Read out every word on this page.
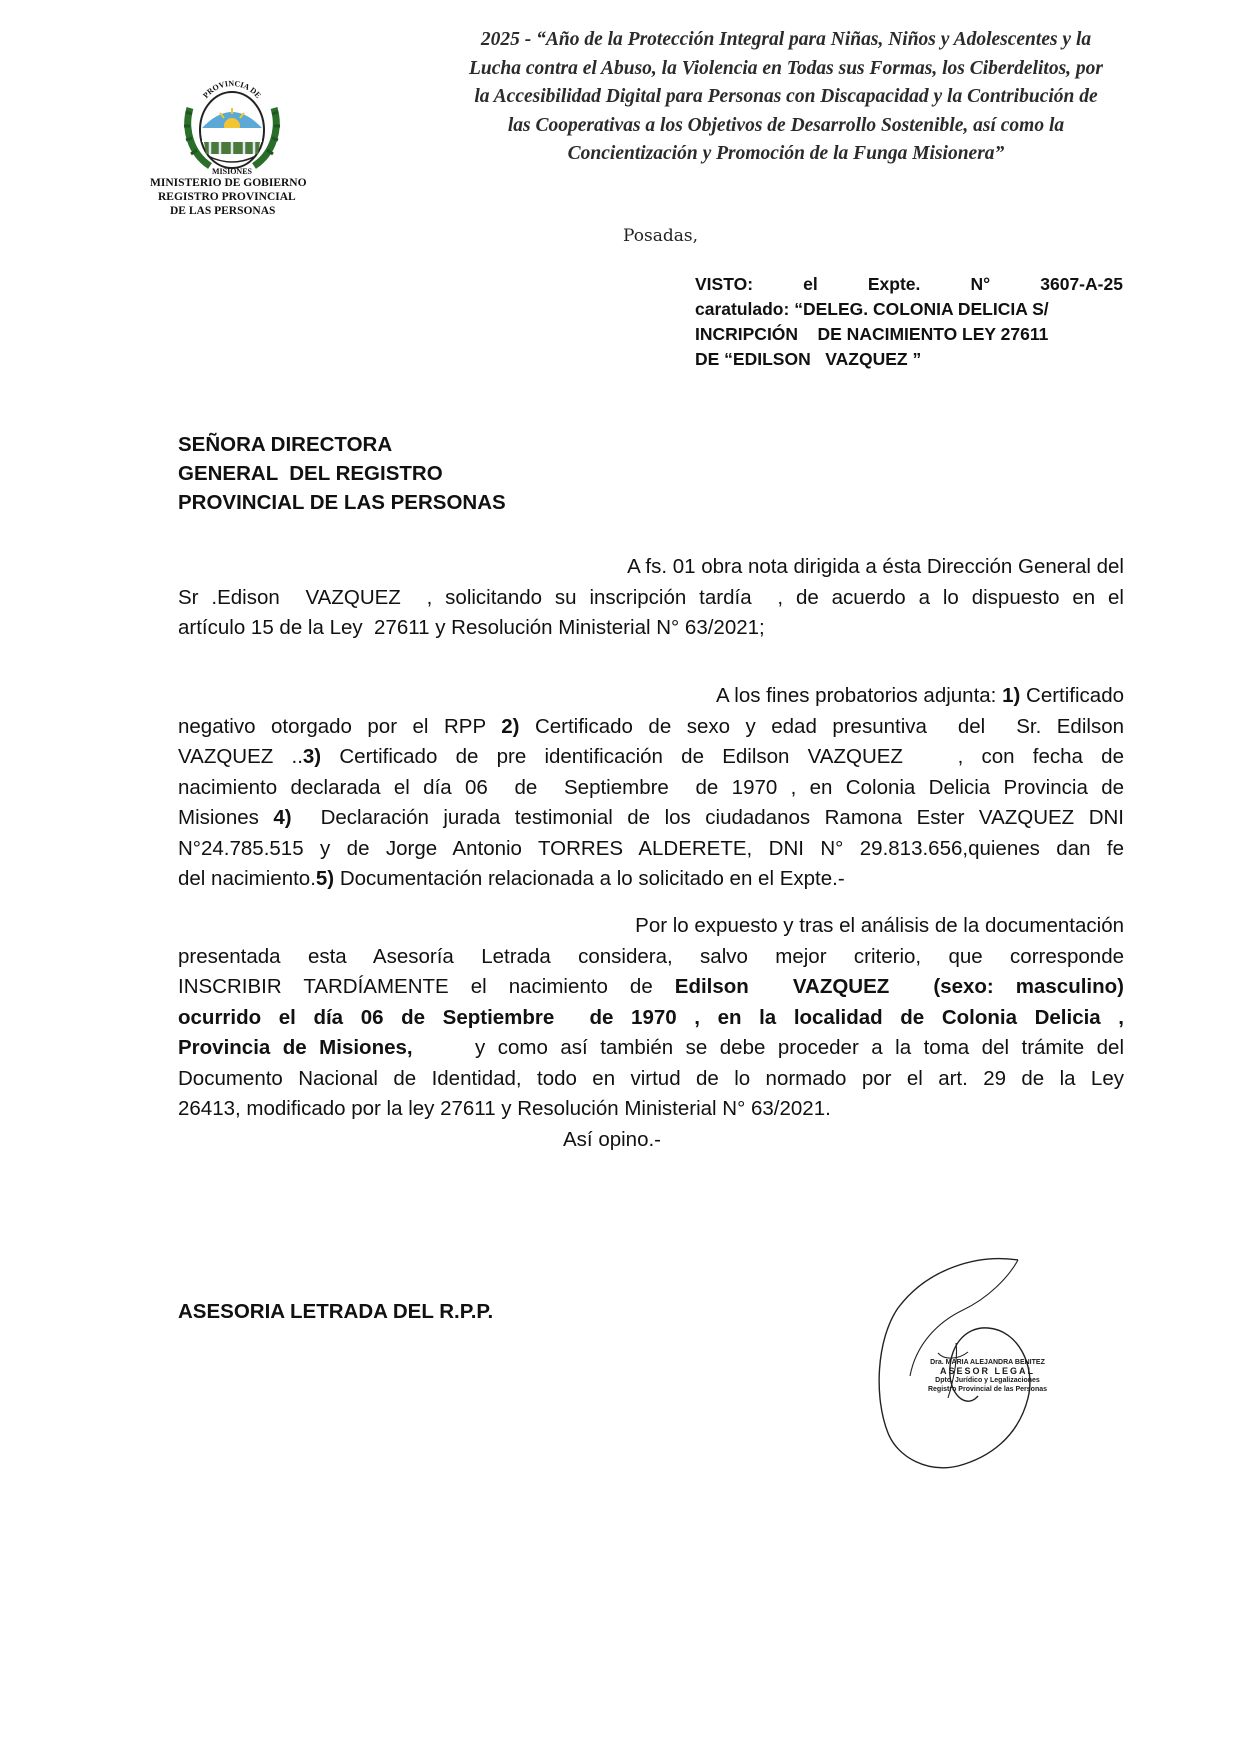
2025 - “Año de la Protección Integral para Niñas, Niños y Adolescentes y la
Lucha contra el Abuso, la Violencia en Todas sus Formas, los Ciberdelitos, por
la Accesibilidad Digital para Personas con Discapacidad y la Contribución de
las Cooperativas a los Objetivos de Desarrollo Sostenible, así como la
Concientización y Promoción de la Funga Misionera”
PROVINCIA DE
MISIONES
MINISTERIO DE GOBIERNO
REGISTRO PROVINCIAL
DE LAS PERSONAS
Posadas,
VISTO:	el	Expte.	N°	3607-A-25
caratulado: “DELEG. COLONIA DELICIA S/
INCRIPCIÓN    DE NACIMIENTO LEY 27611
DE “EDILSON   VAZQUEZ ”
SEÑORA DIRECTORA
GENERAL  DEL REGISTRO
PROVINCIAL DE LAS PERSONAS
A fs. 01 obra nota dirigida a ésta Dirección General del
Sr .Edison  VAZQUEZ  , solicitando su inscripción tardía  , de acuerdo a lo dispuesto en el
artículo 15 de la Ley  27611 y Resolución Ministerial N° 63/2021;
A los fines probatorios adjunta: 1) Certificado
negativo otorgado por el RPP 2) Certificado de sexo y edad presuntiva  del  Sr. Edilson
VAZQUEZ ..3) Certificado de pre identificación de Edilson VAZQUEZ   , con fecha de
nacimiento declarada el día 06  de  Septiembre  de 1970 , en Colonia Delicia Provincia de
Misiones 4)  Declaración jurada testimonial de los ciudadanos Ramona Ester VAZQUEZ DNI
N°24.785.515 y de Jorge Antonio TORRES ALDERETE, DNI N° 29.813.656,quienes dan fe
del nacimiento.5) Documentación relacionada a lo solicitado en el Expte.-
Por lo expuesto y tras el análisis de la documentación
presentada esta Asesoría Letrada considera, salvo mejor criterio, que corresponde
INSCRIBIR TARDÍAMENTE el nacimiento de Edilson  VAZQUEZ  (sexo: masculino)
ocurrido el día 06 de Septiembre  de 1970 , en la localidad de Colonia Delicia ,
Provincia de Misiones,     y como así también se debe proceder a la toma del trámite del
Documento Nacional de Identidad, todo en virtud de lo normado por el art. 29 de la Ley
26413, modificado por la ley 27611 y Resolución Ministerial N° 63/2021.
Así opino.-
ASESORIA LETRADA DEL R.P.P.
Dra. MARIA ALEJANDRA BENITEZ
ASESOR LEGAL
Dpto. Jurídico y Legalizaciones
Registro Provincial de las Personas
